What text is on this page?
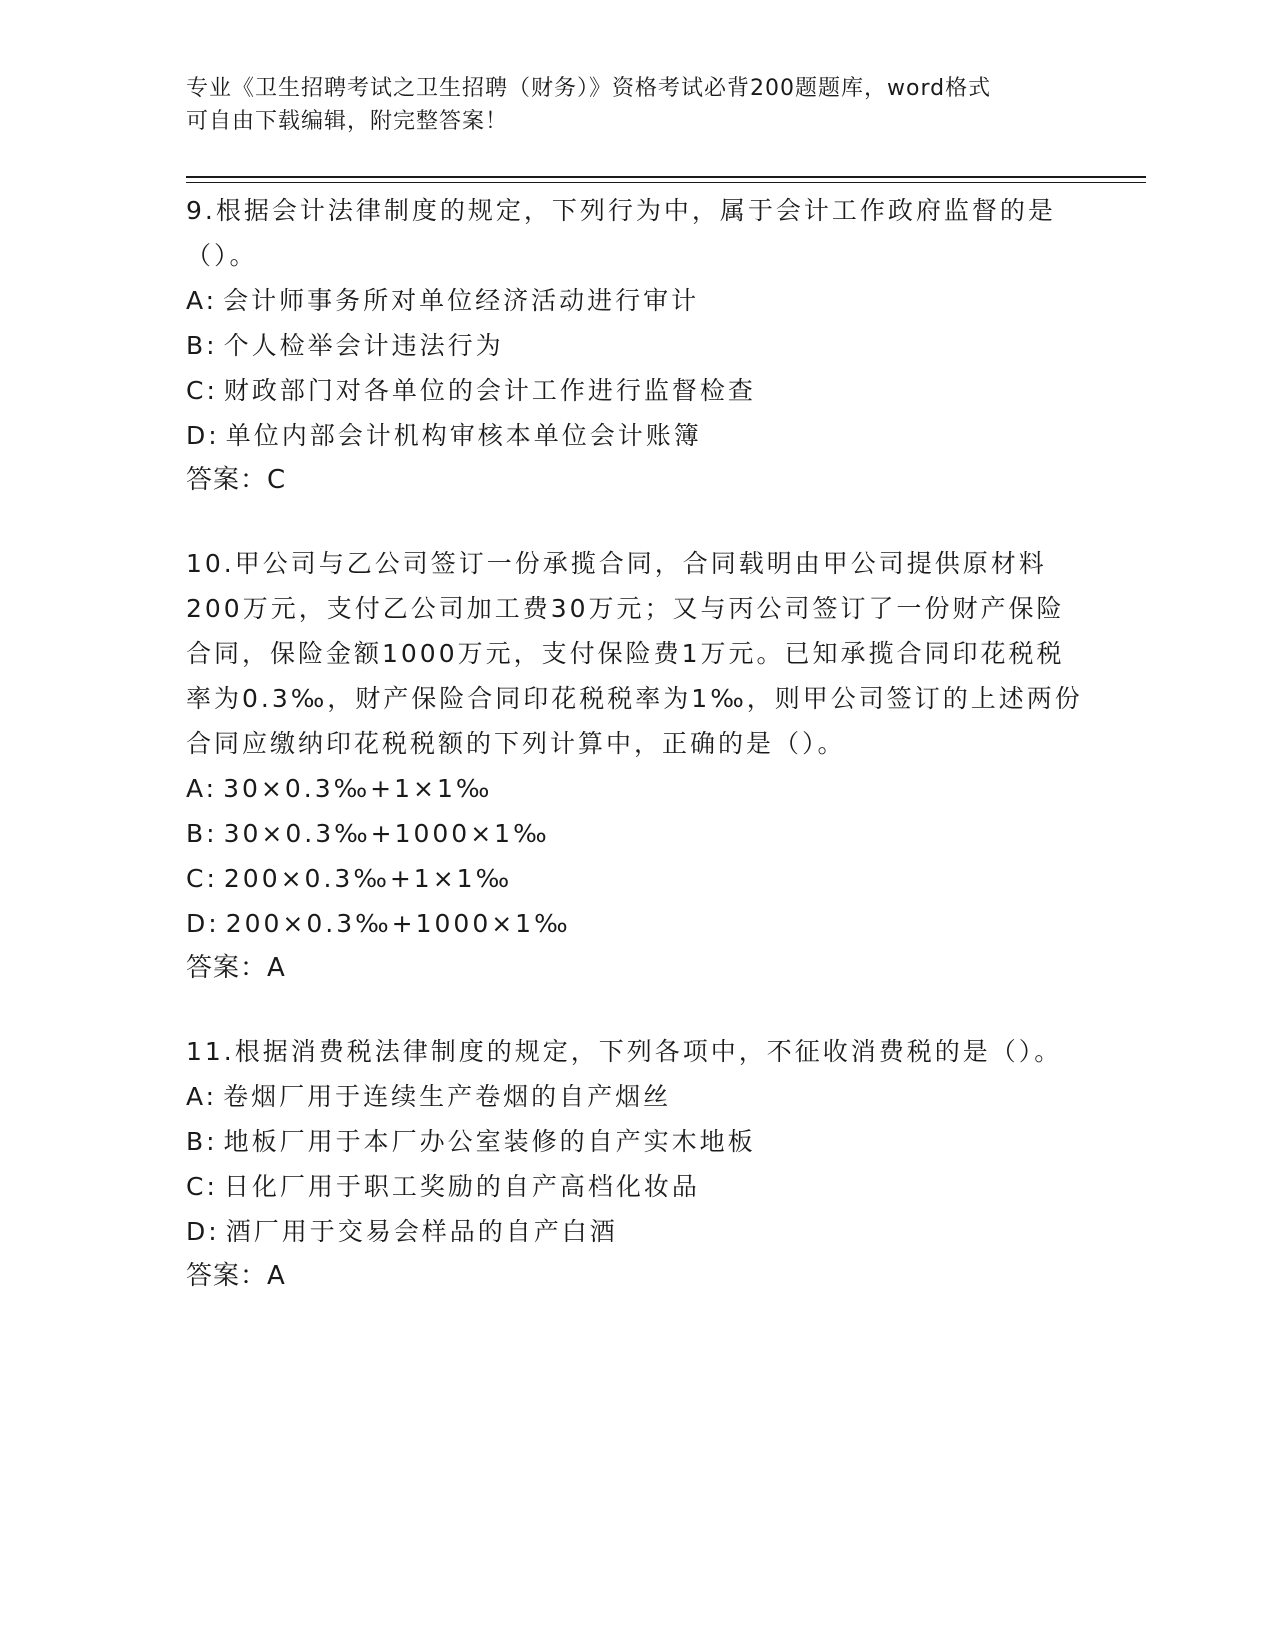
专业《卫生招聘考试之卫生招聘（财务）》资格考试必背200题题库，word格式
可自由下载编辑，附完整答案！

9.根据会计法律制度的规定，下列行为中，属于会计工作政府监督的是（）。

A: 会计师事务所对单位经济活动进行审计

B: 个人检举会计违法行为

C: 财政部门对各单位的会计工作进行监督检查

D: 单位内部会计机构审核本单位会计账簿

答案：C

10.甲公司与乙公司签订一份承揽合同，合同载明由甲公司提供原材料200万元，支付乙公司加工费30万元；又与丙公司签订了一份财产保险合同，保险金额1000万元，支付保险费1万元。已知承揽合同印花税税率为0.3‰，财产保险合同印花税税率为1‰，则甲公司签订的上述两份合同应缴纳印花税税额的下列计算中，正确的是（）。

A: 30×0.3‰+1×1‰

B: 30×0.3‰+1000×1‰

C: 200×0.3‰+1×1‰

D: 200×0.3‰+1000×1‰

答案：A

11.根据消费税法律制度的规定，下列各项中，不征收消费税的是（）。

A: 卷烟厂用于连续生产卷烟的自产烟丝

B: 地板厂用于本厂办公室装修的自产实木地板

C: 日化厂用于职工奖励的自产高档化妆品

D: 酒厂用于交易会样品的自产白酒

答案：A
